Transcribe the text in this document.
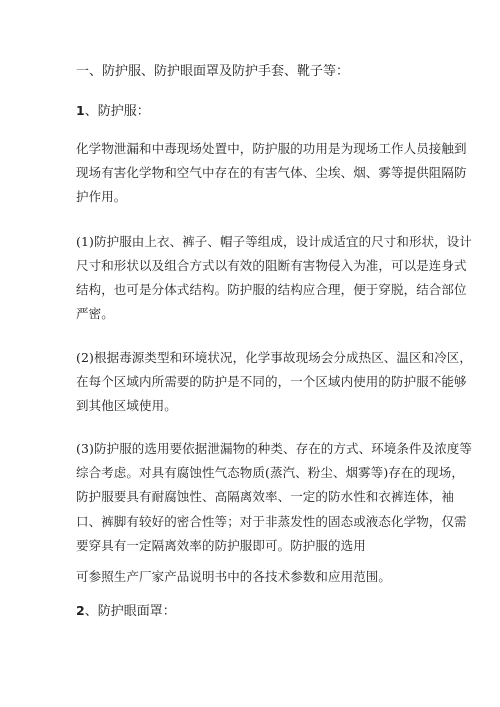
一、防护服、防护眼面罩及防护手套、靴子等：
1、防护服：
化学物泄漏和中毒现场处置中，防护服的功用是为现场工作人员接触到
现场有害化学物和空气中存在的有害气体、尘埃、烟、雾等提供阻隔防
护作用。
(1)防护服由上衣、裤子、帽子等组成，设计成适宜的尺寸和形状，设计
尺寸和形状以及组合方式以有效的阻断有害物侵入为准，可以是连身式
结构，也可是分体式结构。防护服的结构应合理，便于穿脱，结合部位
严密。
(2)根据毒源类型和环境状况，化学事故现场会分成热区、温区和冷区，
在每个区域内所需要的防护是不同的，一个区域内使用的防护服不能够
到其他区域使用。
(3)防护服的选用要依据泄漏物的种类、存在的方式、环境条件及浓度等
综合考虑。对具有腐蚀性气态物质(蒸汽、粉尘、烟雾等)存在的现场，
防护服要具有耐腐蚀性、高隔离效率、一定的防水性和衣裤连体，袖
口、裤脚有较好的密合性等；对于非蒸发性的固态或液态化学物，仅需
要穿具有一定隔离效率的防护服即可。防护服的选用
可参照生产厂家产品说明书中的各技术参数和应用范围。
2、防护眼面罩：
